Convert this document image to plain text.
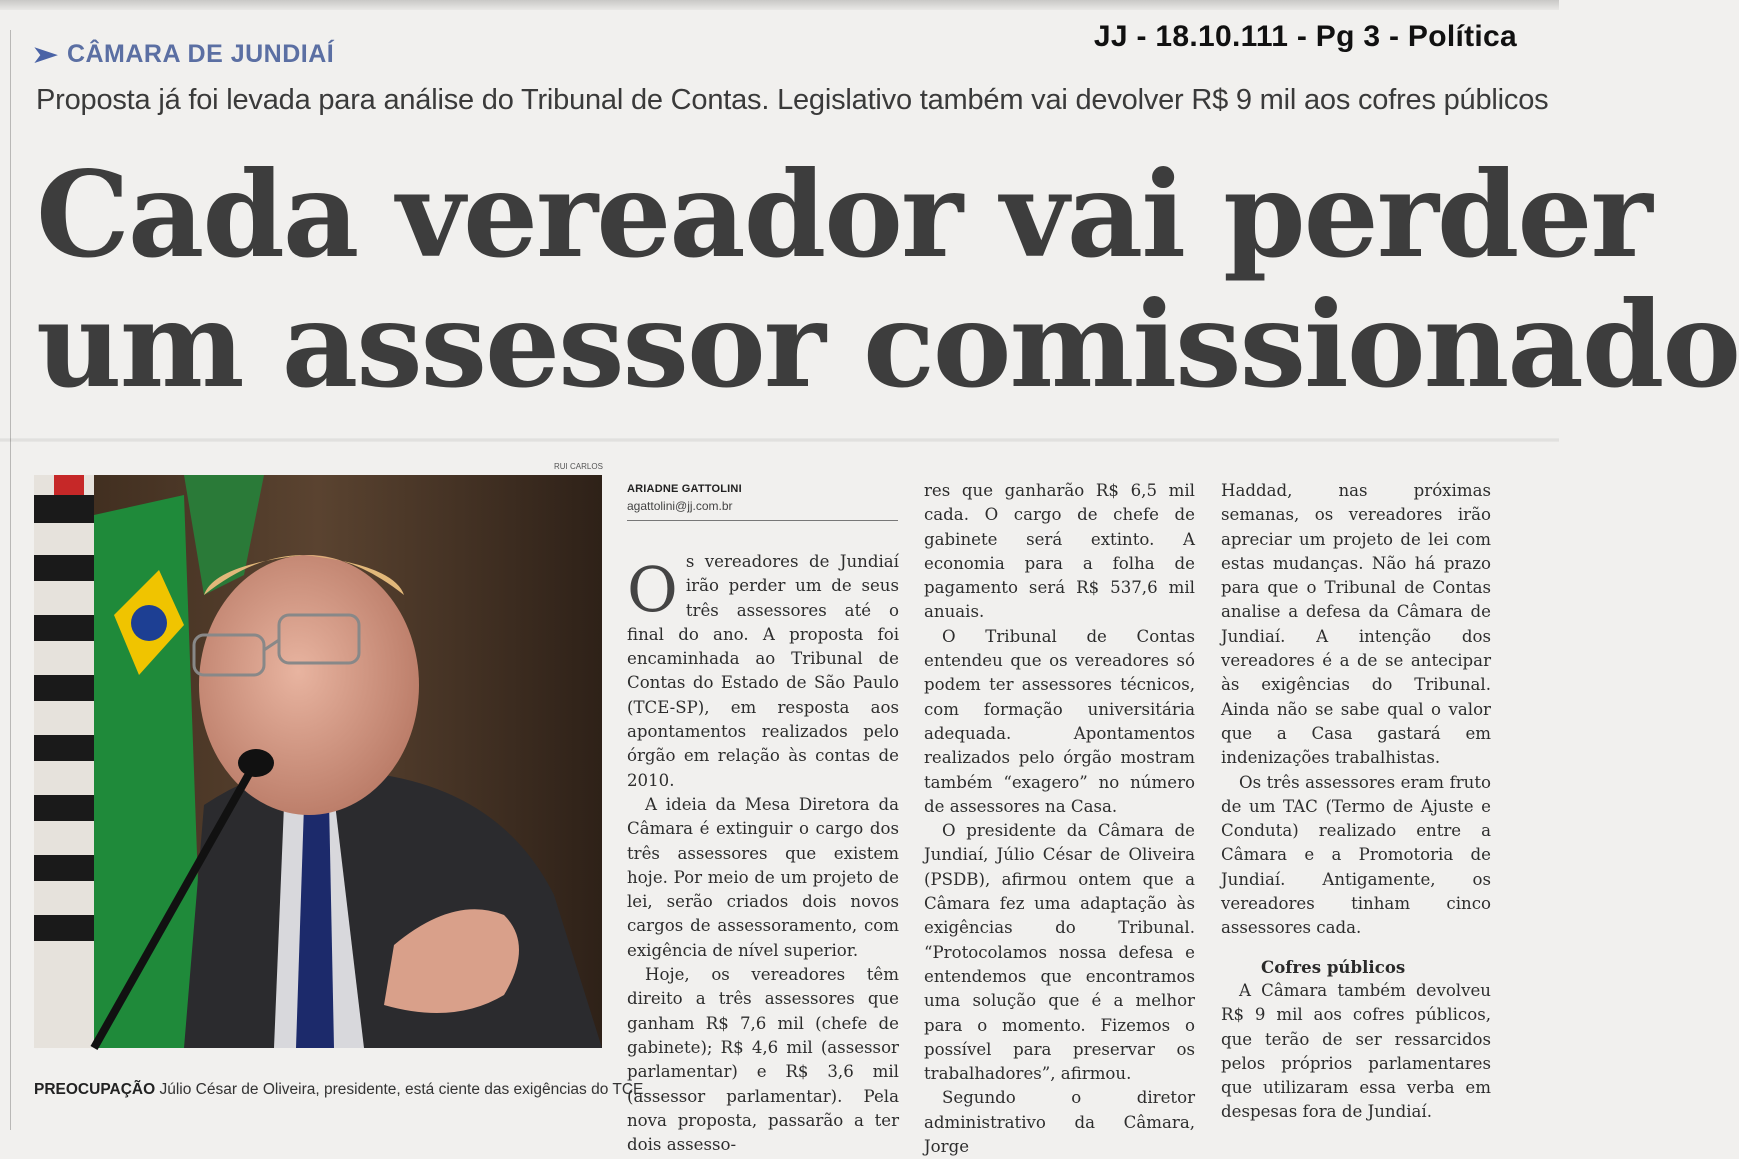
JJ - 18.10.111 - Pg 3 - Política
➤ CÂMARA DE JUNDIAÍ
Proposta já foi levada para análise do Tribunal de Contas. Legislativo também vai devolver R$ 9 mil aos cofres públicos
Cada vereador vai perder
um assessor comissionado
RUI CARLOS
PREOCUPAÇÃO Júlio César de Oliveira, presidente, está ciente das exigências do TCE
ARIADNE GATTOLINI
agattolini@jj.com.br

Os vereadores de Jundiaí irão perder um de seus três assessores até o final do ano. A proposta foi encaminhada ao Tribunal de Contas do Estado de São Paulo (TCE-SP), em resposta aos apontamentos realizados pelo órgão em relação às contas de 2010.

A ideia da Mesa Diretora da Câmara é extinguir o cargo dos três assessores que existem hoje. Por meio de um projeto de lei, serão criados dois novos cargos de assessoramento, com exigência de nível superior.

Hoje, os vereadores têm direito a três assessores que ganham R$ 7,6 mil (chefe de gabinete); R$ 4,6 mil (assessor parlamentar) e R$ 3,6 mil (assessor parlamentar). Pela nova proposta, passarão a ter dois assesso-

res que ganharão R$ 6,5 mil cada. O cargo de chefe de gabinete será extinto. A economia para a folha de pagamento será R$ 537,6 mil anuais.

O Tribunal de Contas entendeu que os vereadores só podem ter assessores técnicos, com formação universitária adequada. Apontamentos realizados pelo órgão mostram também “exagero” no número de assessores na Casa.

O presidente da Câmara de Jundiaí, Júlio César de Oliveira (PSDB), afirmou ontem que a Câmara fez uma adaptação às exigências do Tribunal. “Protocolamos nossa defesa e entendemos que encontramos uma solução que é a melhor para o momento. Fizemos o possível para preservar os trabalhadores”, afirmou.

Segundo o diretor administrativo da Câmara, Jorge

Haddad, nas próximas semanas, os vereadores irão apreciar um projeto de lei com estas mudanças. Não há prazo para que o Tribunal de Contas analise a defesa da Câmara de Jundiaí. A intenção dos vereadores é a de se antecipar às exigências do Tribunal. Ainda não se sabe qual o valor que a Casa gastará em indenizações trabalhistas.

Os três assessores eram fruto de um TAC (Termo de Ajuste e Conduta) realizado entre a Câmara e a Promotoria de Jundiaí. Antigamente, os vereadores tinham cinco assessores cada.

Cofres públicos

A Câmara também devolveu R$ 9 mil aos cofres públicos, que terão de ser ressarcidos pelos próprios parlamentares que utilizaram essa verba em despesas fora de Jundiaí.
